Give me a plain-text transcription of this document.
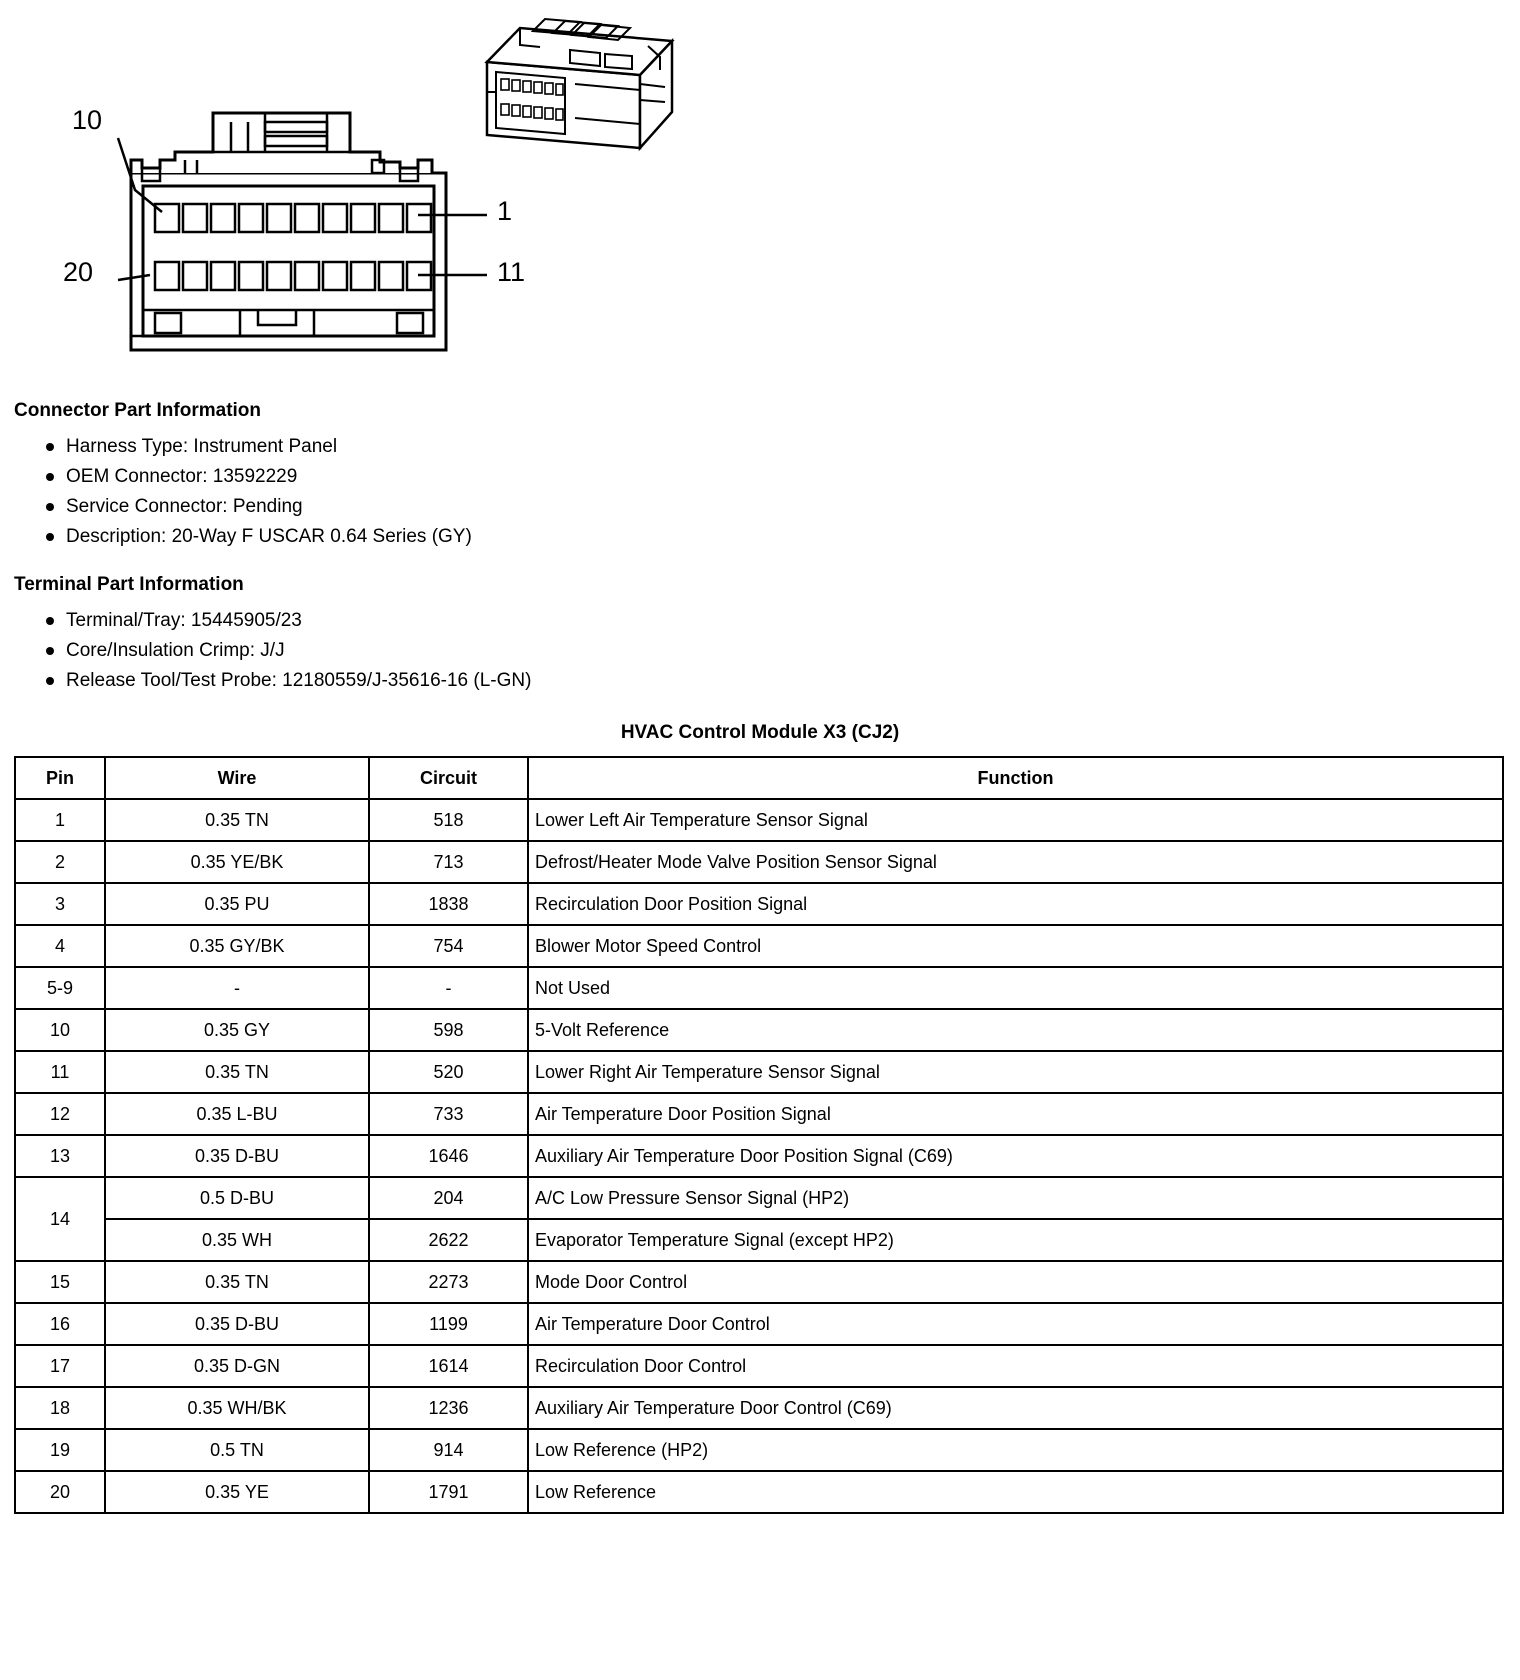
10
1
20	11
Connector Part Information
Harness Type: Instrument Panel
OEM Connector: 13592229
Service Connector: Pending
Description: 20-Way F USCAR 0.64 Series (GY)
Terminal Part Information
Terminal/Tray: 15445905/23
Core/Insulation Crimp: J/J
Release Tool/Test Probe: 12180559/J-35616-16 (L-GN)
HVAC Control Module X3 (CJ2)
Pin	Wire	Circuit	Function
1	0.35 TN	518	Lower Left Air Temperature Sensor Signal
2	0.35 YE/BK	713	Defrost/Heater Mode Valve Position Sensor Signal
3	0.35 PU	1838	Recirculation Door Position Signal
4	0.35 GY/BK	754	Blower Motor Speed Control
5-9	-	-	Not Used
10	0.35 GY	598	5-Volt Reference
11	0.35 TN	520	Lower Right Air Temperature Sensor Signal
12	0.35 L-BU	733	Air Temperature Door Position Signal
13	0.35 D-BU	1646	Auxiliary Air Temperature Door Position Signal (C69)
14	0.5 D-BU	204	A/C Low Pressure Sensor Signal (HP2)
	0.35 WH	2622	Evaporator Temperature Signal (except HP2)
15	0.35 TN	2273	Mode Door Control
16	0.35 D-BU	1199	Air Temperature Door Control
17	0.35 D-GN	1614	Recirculation Door Control
18	0.35 WH/BK	1236	Auxiliary Air Temperature Door Control (C69)
19	0.5 TN	914	Low Reference (HP2)
20	0.35 YE	1791	Low Reference
